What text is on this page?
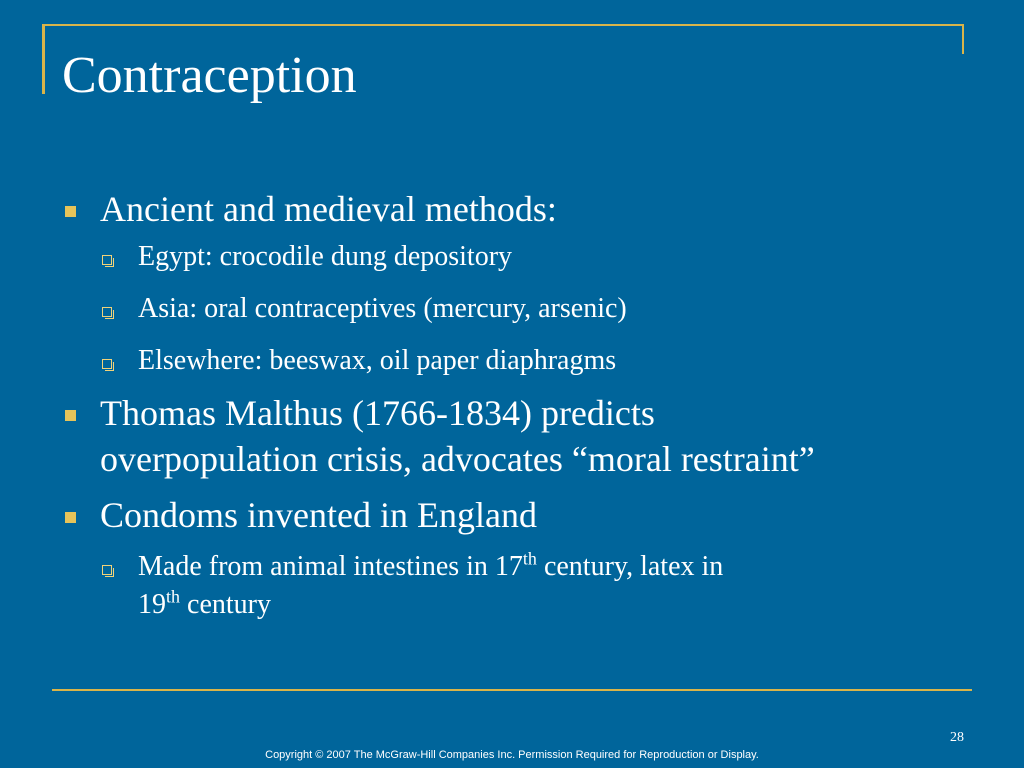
Contraception
Ancient and medieval methods:
Egypt: crocodile dung depository
Asia: oral contraceptives (mercury, arsenic)
Elsewhere: beeswax, oil paper diaphragms
Thomas Malthus (1766-1834) predicts
overpopulation crisis, advocates “moral restraint”
Condoms invented in England
Made from animal intestines in 17th century, latex in
19th century
28
Copyright © 2007 The McGraw-Hill Companies Inc. Permission Required for Reproduction or Display.
